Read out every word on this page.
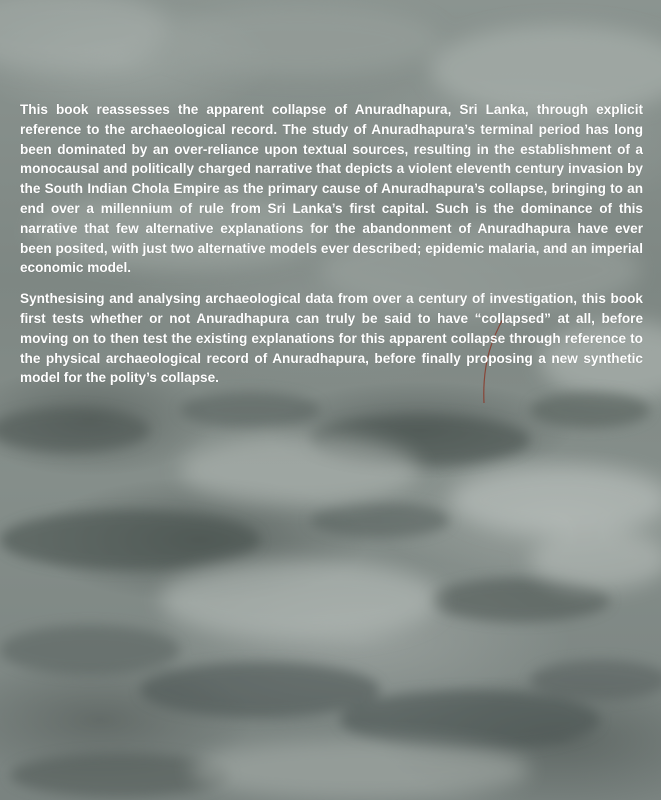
This book reassesses the apparent collapse of Anuradhapura, Sri Lanka, through explicit reference to the archaeological record. The study of Anuradhapura’s terminal period has long been dominated by an over-reliance upon textual sources, resulting in the establishment of a monocausal and politically charged narrative that depicts a violent eleventh century invasion by the South Indian Chola Empire as the primary cause of Anuradhapura’s collapse, bringing to an end over a millennium of rule from Sri Lanka’s first capital. Such is the dominance of this narrative that few alternative explanations for the abandonment of Anuradhapura have ever been posited, with just two alternative models ever described; epidemic malaria, and an imperial economic model.

Synthesising and analysing archaeological data from over a century of investigation, this book first tests whether or not Anuradhapura can truly be said to have “collapsed” at all, before moving on to then test the existing explanations for this apparent collapse through reference to the physical archaeological record of Anuradhapura, before finally proposing a new synthetic model for the polity’s collapse.
